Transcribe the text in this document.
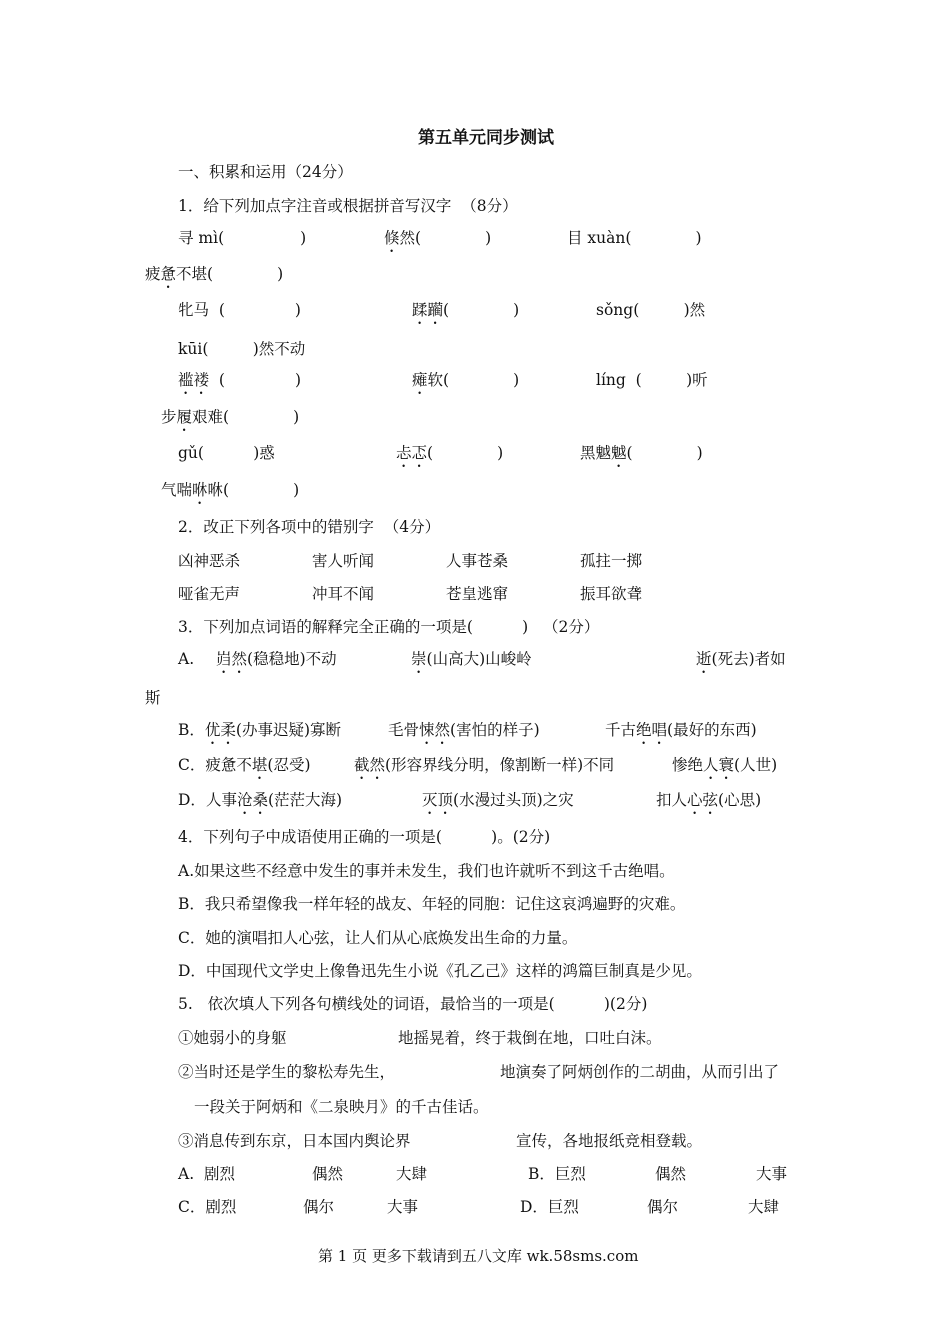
第五单元同步测试
一、积累和运用（24分）
1．给下列加点字注音或根据拼音写汉字  （8分）
寻 mì(	)	倏然(	)	目 xuàn(	)
疲惫不堪(	)
牝马  (	)	蹂躏(	)	sǒng(         )然
kūi(         )然不动
褴褛  (	)	瘫软(	)	líng  (         )听
步履艰难(	)
gǔ(          )惑	忐忑(	)	黑魆魆(	)
气喘咻咻(	)
2．改正下列各项中的错别字  （4分）
凶神恶杀	害人听闻	人事苍桑	孤拄一掷
哑雀无声	冲耳不闻	苍皇逃窜	振耳欲聋
3．下列加点词语的解释完全正确的一项是(          )   （2分）
A.  岿然(稳稳地)不动	崇(山高大)山峻岭	逝(死去)者如
斯
B．优柔(办事迟疑)寡断	毛骨悚然(害怕的样子)	千古绝唱(最好的东西)
C．疲惫不堪(忍受)	截然(形容界线分明，像割断一样)不同	惨绝人寰(人世)
D．人事沧桑(茫茫大海)	灭顶(水漫过头顶)之灾	扣人心弦(心思)
4．下列句子中成语使用正确的一项是(          )。(2分)
A.如果这些不经意中发生的事并未发生，我们也许就听不到这千古绝唱。
B．我只希望像我一样年轻的战友、年轻的同胞：记住这哀鸿遍野的灾难。
C．她的演唱扣人心弦，让人们从心底焕发出生命的力量。
D．中国现代文学史上像鲁迅先生小说《孔乙己》这样的鸿篇巨制真是少见。
5.   依次填人下列各句横线处的词语，最恰当的一项是(          )(2分)
①她弱小的身躯	地摇晃着，终于栽倒在地，口吐白沫。
②当时还是学生的黎松寿先生，	地演奏了阿炳创作的二胡曲，从而引出了
一段关于阿炳和《二泉映月》的千古佳话。
③消息传到东京，日本国内舆论界	宣传，各地报纸竞相登载。
A.  剧烈	偶然	大肆	B．巨烈	偶然	大事
C．剧烈	偶尔	大事	D．巨烈	偶尔	大肆
第 1 页 更多下载请到五八文库 wk.58sms.com
